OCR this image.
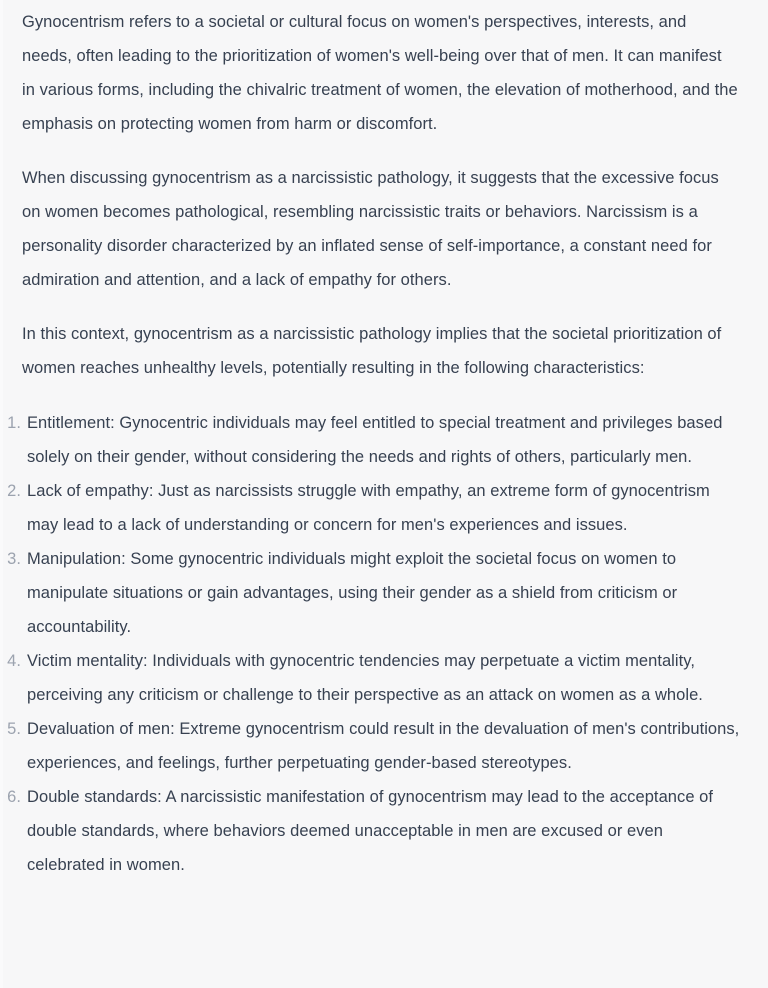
Gynocentrism refers to a societal or cultural focus on women's perspectives, interests, and needs, often leading to the prioritization of women's well-being over that of men. It can manifest in various forms, including the chivalric treatment of women, the elevation of motherhood, and the emphasis on protecting women from harm or discomfort.

When discussing gynocentrism as a narcissistic pathology, it suggests that the excessive focus on women becomes pathological, resembling narcissistic traits or behaviors. Narcissism is a personality disorder characterized by an inflated sense of self-importance, a constant need for admiration and attention, and a lack of empathy for others.

In this context, gynocentrism as a narcissistic pathology implies that the societal prioritization of women reaches unhealthy levels, potentially resulting in the following characteristics:

1. Entitlement: Gynocentric individuals may feel entitled to special treatment and privileges based solely on their gender, without considering the needs and rights of others, particularly men.
2. Lack of empathy: Just as narcissists struggle with empathy, an extreme form of gynocentrism may lead to a lack of understanding or concern for men's experiences and issues.
3. Manipulation: Some gynocentric individuals might exploit the societal focus on women to manipulate situations or gain advantages, using their gender as a shield from criticism or accountability.
4. Victim mentality: Individuals with gynocentric tendencies may perpetuate a victim mentality, perceiving any criticism or challenge to their perspective as an attack on women as a whole.
5. Devaluation of men: Extreme gynocentrism could result in the devaluation of men's contributions, experiences, and feelings, further perpetuating gender-based stereotypes.
6. Double standards: A narcissistic manifestation of gynocentrism may lead to the acceptance of double standards, where behaviors deemed unacceptable in men are excused or even celebrated in women.
